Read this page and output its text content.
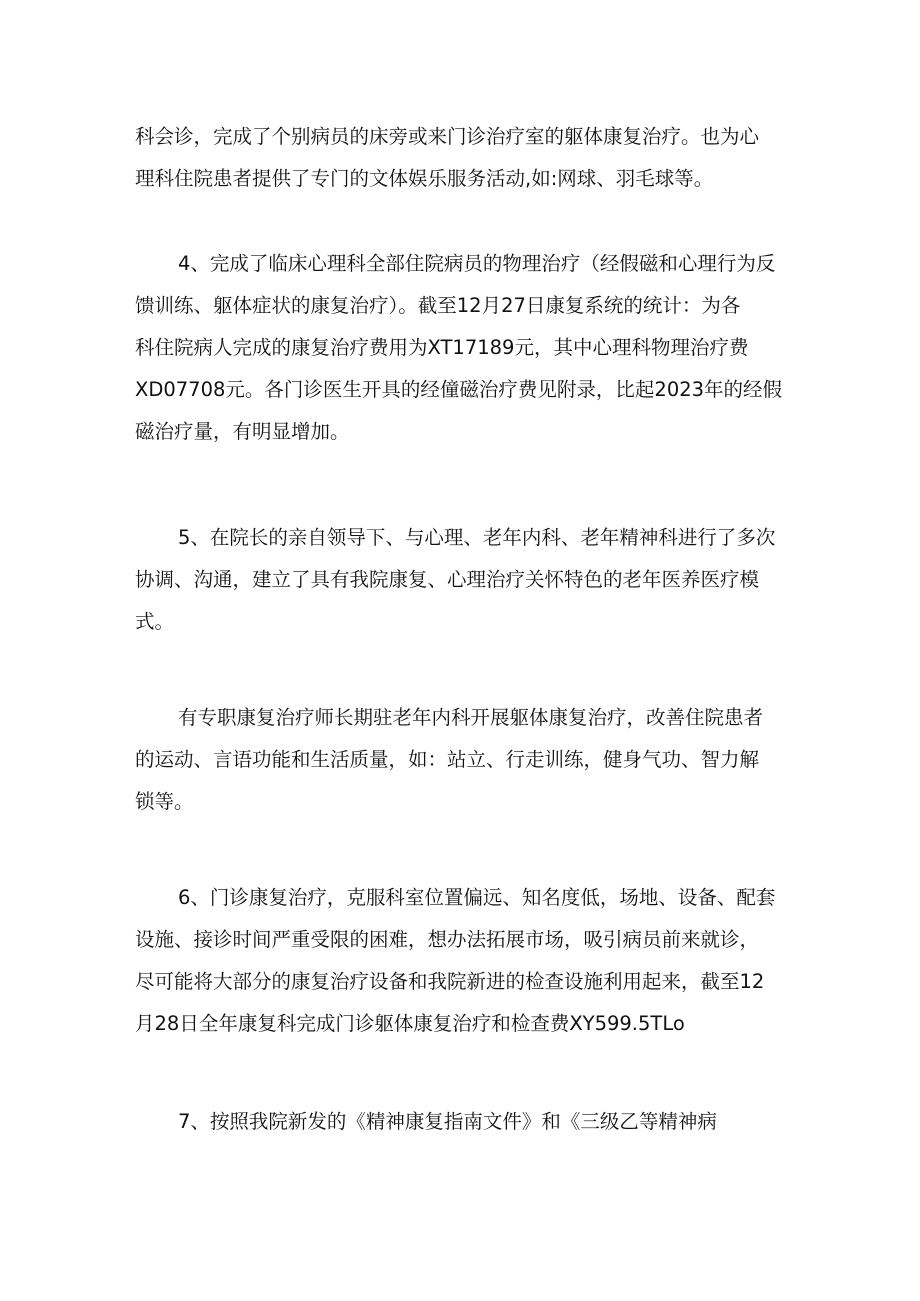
科会诊，完成了个别病员的床旁或来门诊治疗室的躯体康复治疗。也为心
理科住院患者提供了专门的文体娱乐服务活动,如:网球、羽毛球等。
4、完成了临床心理科全部住院病员的物理治疗（经假磁和心理行为反
馈训练、躯体症状的康复治疗）。截至12月27日康复系统的统计：为各
科住院病人完成的康复治疗费用为XT17189元，其中心理科物理治疗费
XD07708元。各门诊医生开具的经僮磁治疗费见附录，比起2023年的经假
磁治疗量，有明显增加。
5、在院长的亲自领导下、与心理、老年内科、老年精神科进行了多次
协调、沟通，建立了具有我院康复、心理治疗关怀特色的老年医养医疗模
式。
有专职康复治疗师长期驻老年内科开展躯体康复治疗，改善住院患者
的运动、言语功能和生活质量，如：站立、行走训练，健身气功、智力解
锁等。
6、门诊康复治疗，克服科室位置偏远、知名度低，场地、设备、配套
设施、接诊时间严重受限的困难，想办法拓展市场，吸引病员前来就诊，
尽可能将大部分的康复治疗设备和我院新进的检查设施利用起来，截至12
月28日全年康复科完成门诊躯体康复治疗和检查费XY599.5TLo
7、按照我院新发的《精神康复指南文件》和《三级乙等精神病
